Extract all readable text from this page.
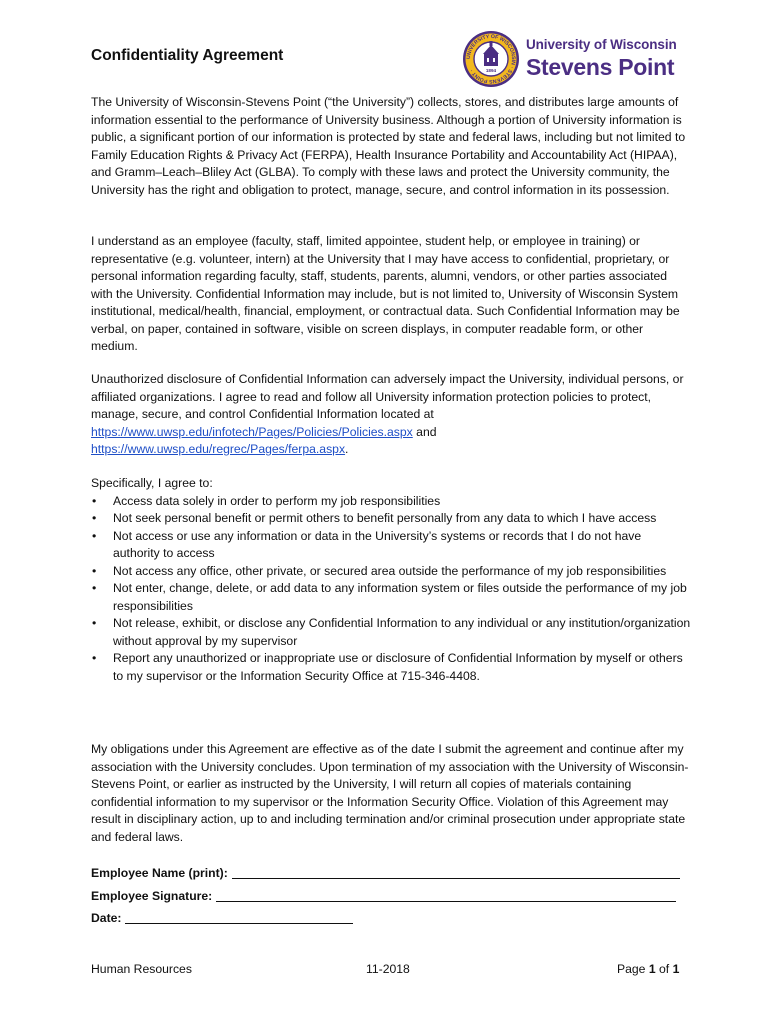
Confidentiality Agreement	UNIVERSITY OF WISCONSIN · STEVENS POINT ·	1894
University of Wisconsin
Stevens Point

The University of Wisconsin-Stevens Point (“the University”) collects, stores, and distributes large amounts of information essential to the performance of University business. Although a portion of University information is public, a significant portion of our information is protected by state and federal laws, including but not limited to Family Education Rights & Privacy Act (FERPA), Health Insurance Portability and Accountability Act (HIPAA), and Gramm–Leach–Bliley Act (GLBA). To comply with these laws and protect the University community, the University has the right and obligation to protect, manage, secure, and control information in its possession.

I understand as an employee (faculty, staff, limited appointee, student help, or employee in training) or representative (e.g. volunteer, intern) at the University that I may have access to confidential, proprietary, or personal information regarding faculty, staff, students, parents, alumni, vendors, or other parties associated with the University. Confidential Information may include, but is not limited to, University of Wisconsin System institutional, medical/health, financial, employment, or contractual data. Such Confidential Information may be verbal, on paper, contained in software, visible on screen displays, in computer readable form, or other medium.

Unauthorized disclosure of Confidential Information can adversely impact the University, individual persons, or affiliated organizations. I agree to read and follow all University information protection policies to protect, manage, secure, and control Confidential Information located at
https://www.uwsp.edu/infotech/Pages/Policies/Policies.aspx and
https://www.uwsp.edu/regrec/Pages/ferpa.aspx.

Specifically, I agree to:
• Access data solely in order to perform my job responsibilities
• Not seek personal benefit or permit others to benefit personally from any data to which I have access
• Not access or use any information or data in the University’s systems or records that I do not have authority to access
• Not access any office, other private, or secured area outside the performance of my job responsibilities
• Not enter, change, delete, or add data to any information system or files outside the performance of my job responsibilities
• Not release, exhibit, or disclose any Confidential Information to any individual or any institution/organization without approval by my supervisor
• Report any unauthorized or inappropriate use or disclosure of Confidential Information by myself or others to my supervisor or the Information Security Office at 715-346-4408.

My obligations under this Agreement are effective as of the date I submit the agreement and continue after my association with the University concludes. Upon termination of my association with the University of Wisconsin-Stevens Point, or earlier as instructed by the University, I will return all copies of materials containing confidential information to my supervisor or the Information Security Office. Violation of this Agreement may result in disciplinary action, up to and including termination and/or criminal prosecution under appropriate state and federal laws.

Employee Name (print):
Employee Signature:
Date:
Human Resources	11-2018	Page 1 of 1
